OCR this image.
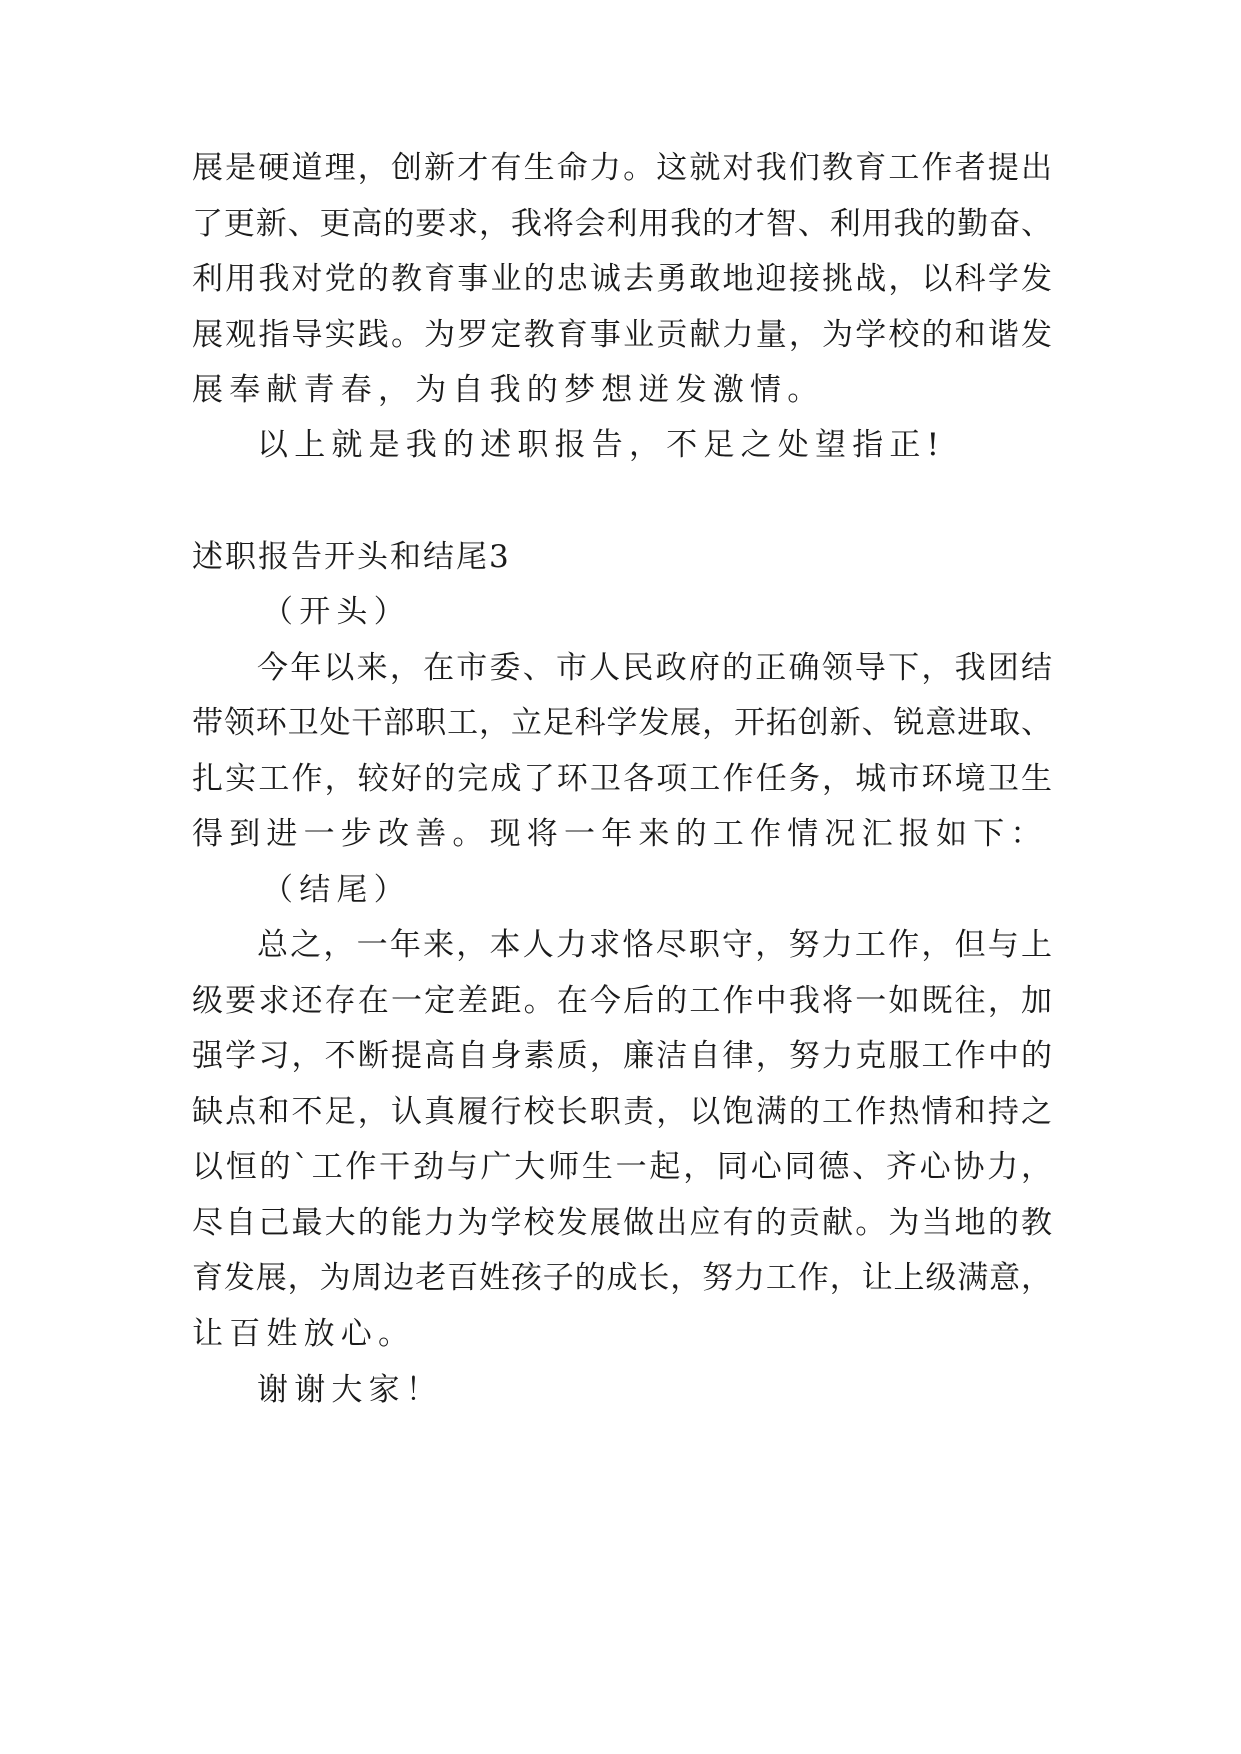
展是硬道理，创新才有生命力。这就对我们教育工作者提出
了更新、更高的要求，我将会利用我的才智、利用我的勤奋、
利用我对党的教育事业的忠诚去勇敢地迎接挑战，以科学发
展观指导实践。为罗定教育事业贡献力量，为学校的和谐发
展奉献青春，为自我的梦想迸发激情。
以上就是我的述职报告，不足之处望指正!
述职报告开头和结尾3
（开头）
今年以来，在市委、市人民政府的正确领导下，我团结
带领环卫处干部职工，立足科学发展，开拓创新、锐意进取、
扎实工作，较好的完成了环卫各项工作任务，城市环境卫生
得到进一步改善。现将一年来的工作情况汇报如下：
（结尾）
总之，一年来，本人力求恪尽职守，努力工作，但与上
级要求还存在一定差距。在今后的工作中我将一如既往，加
强学习，不断提高自身素质，廉洁自律，努力克服工作中的
缺点和不足，认真履行校长职责，以饱满的工作热情和持之
以恒的`工作干劲与广大师生一起，同心同德、齐心协力，
尽自己最大的能力为学校发展做出应有的贡献。为当地的教
育发展，为周边老百姓孩子的成长，努力工作，让上级满意，
让百姓放心。
谢谢大家！
